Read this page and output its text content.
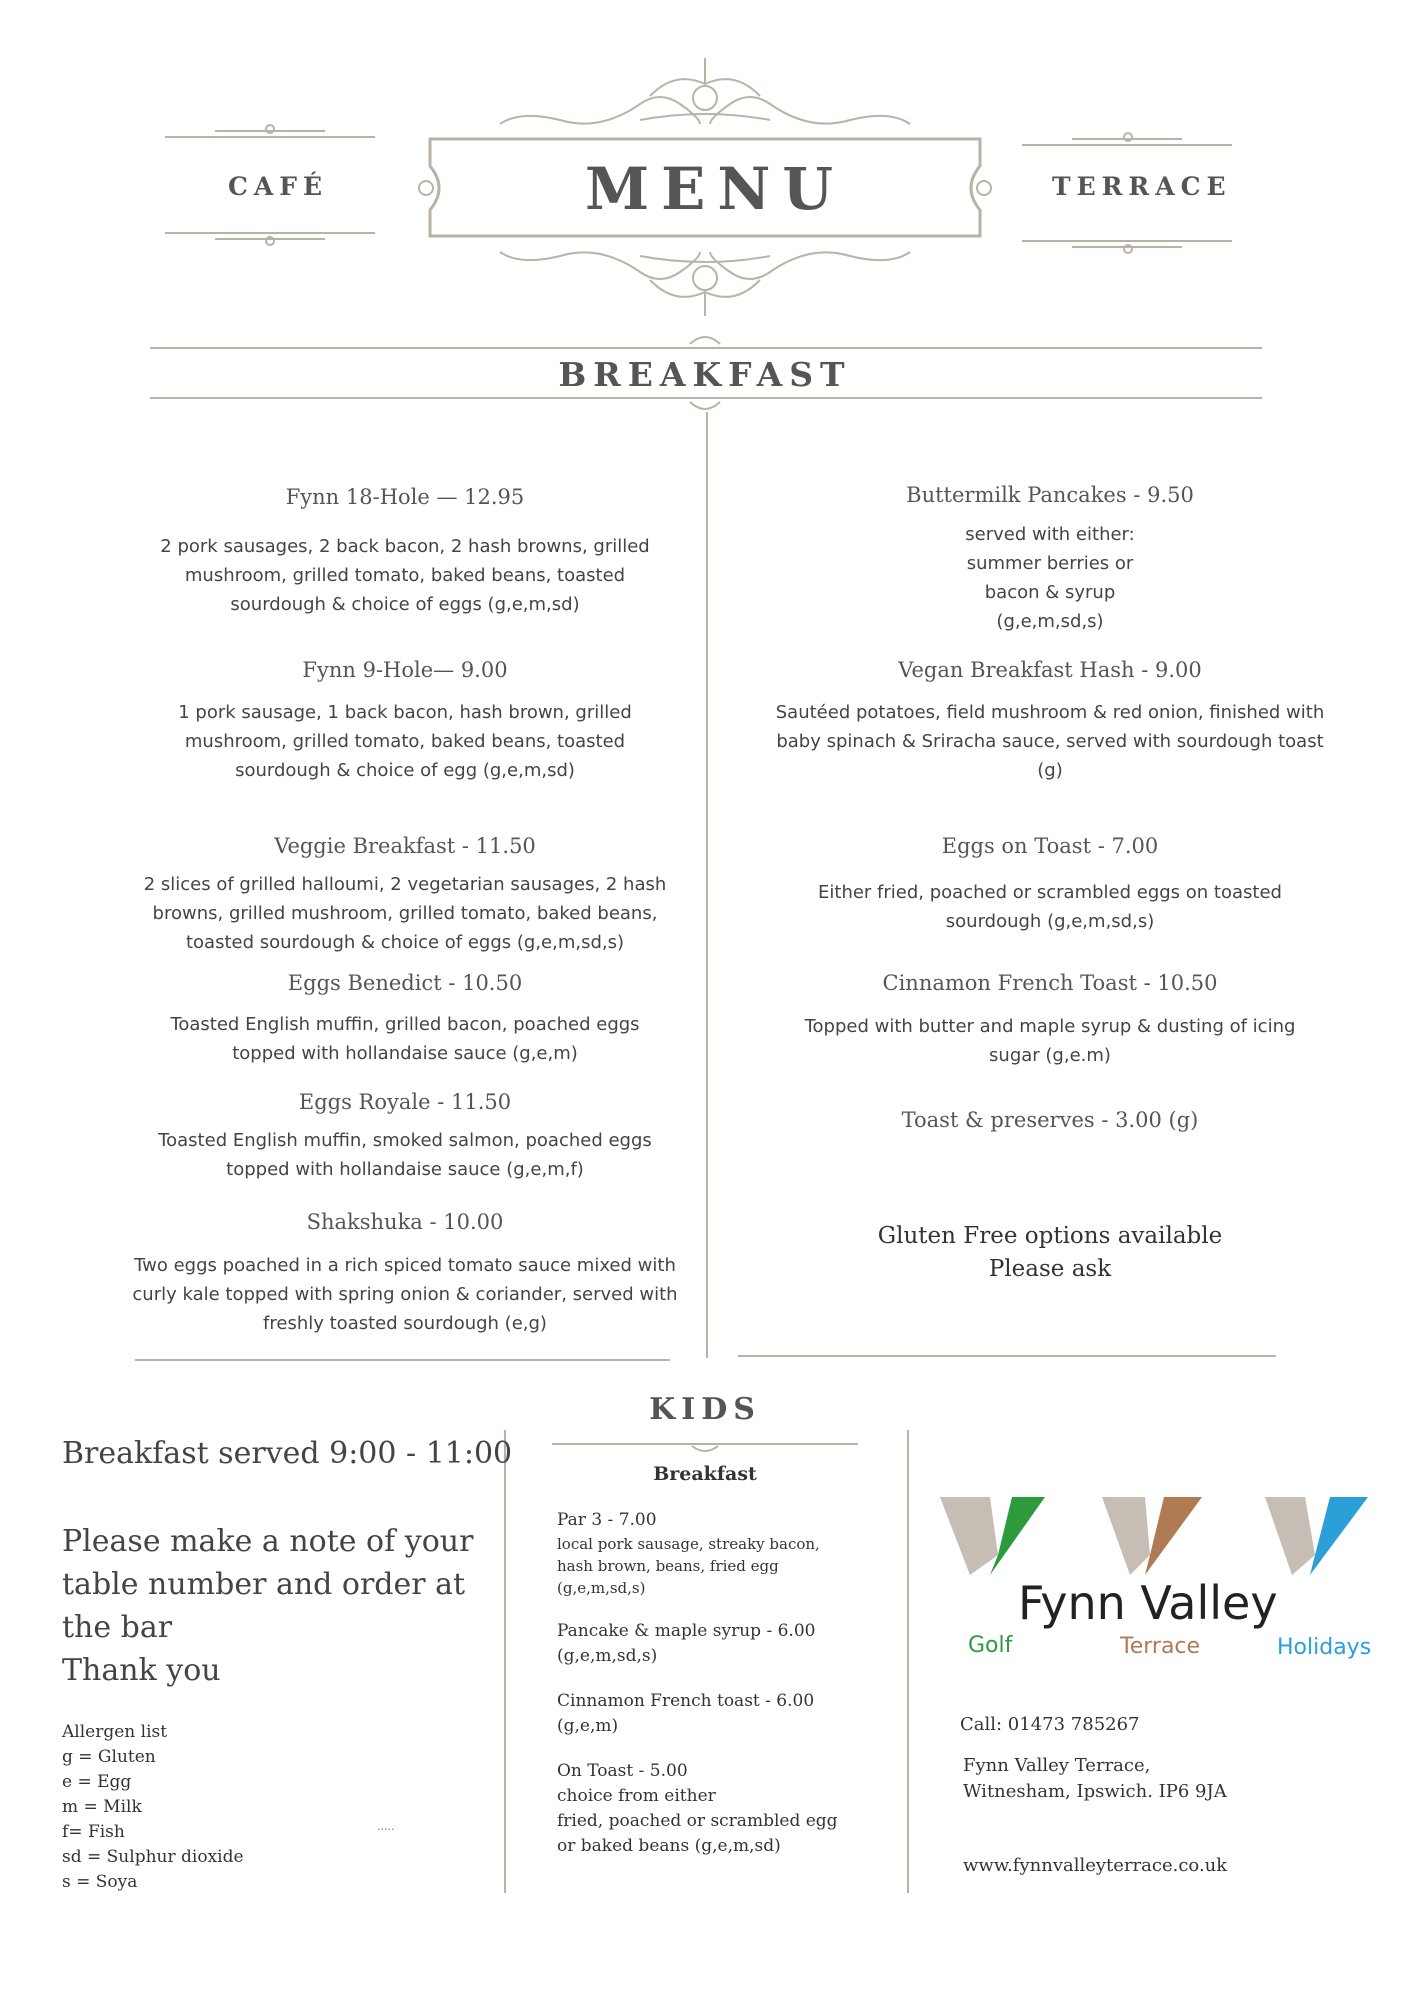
CAFÉ	MENU	TERRACE
BREAKFAST
Fynn 18-Hole — 12.95
2 pork sausages, 2 back bacon, 2 hash browns, grilled mushroom, grilled tomato, baked beans, toasted sourdough & choice of eggs (g,e,m,sd)
Fynn 9-Hole— 9.00
1 pork sausage, 1 back bacon, hash brown, grilled mushroom, grilled tomato, baked beans, toasted sourdough & choice of egg (g,e,m,sd)
Veggie Breakfast - 11.50
2 slices of grilled halloumi, 2 vegetarian sausages, 2 hash browns, grilled mushroom, grilled tomato, baked beans, toasted sourdough & choice of eggs (g,e,m,sd,s)
Eggs Benedict - 10.50
Toasted English muffin, grilled bacon, poached eggs topped with hollandaise sauce (g,e,m)
Eggs Royale - 11.50
Toasted English muffin, smoked salmon, poached eggs topped with hollandaise sauce (g,e,m,f)
Shakshuka - 10.00
Two eggs poached in a rich spiced tomato sauce mixed with curly kale topped with spring onion & coriander, served with freshly toasted sourdough (e,g)
Buttermilk Pancakes - 9.50
served with either:
summer berries or
bacon & syrup
(g,e,m,sd,s)
Vegan Breakfast Hash - 9.00
Sautéed potatoes, field mushroom & red onion, finished with baby spinach & Sriracha sauce, served with sourdough toast (g)
Eggs on Toast - 7.00
Either fried, poached or scrambled eggs on toasted sourdough (g,e,m,sd,s)
Cinnamon French Toast - 10.50
Topped with butter and maple syrup & dusting of icing sugar (g,e.m)
Toast & preserves - 3.00 (g)
Gluten Free options available
Please ask
Breakfast served 9:00 - 11:00
Please make a note of your
table number and order at
the bar
Thank you
Allergen list
g = Gluten
e = Egg
m = Milk
f= Fish
sd = Sulphur dioxide
s = Soya
.....
KIDS
Breakfast
Par 3 - 7.00
local pork sausage, streaky bacon,
hash brown, beans, fried egg
(g,e,m,sd,s)
Pancake & maple syrup - 6.00
(g,e,m,sd,s)
Cinnamon French toast - 6.00
(g,e,m)
On Toast - 5.00
choice from either
fried, poached or scrambled egg
or baked beans (g,e,m,sd)
Fynn Valley
Golf	Terrace	Holidays
Call: 01473 785267
Fynn Valley Terrace,
Witnesham, Ipswich. IP6 9JA
www.fynnvalleyterrace.co.uk
